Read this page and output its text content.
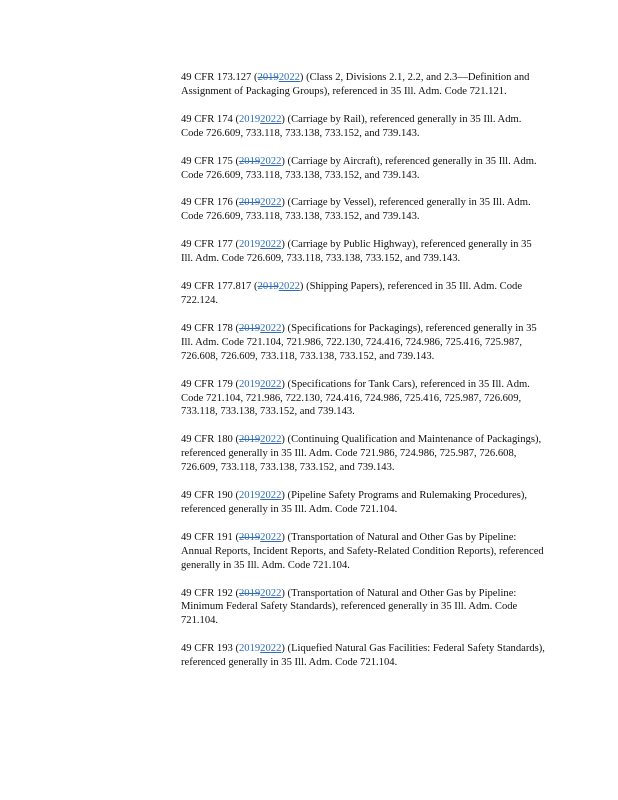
49 CFR 173.127 (20192022) (Class 2, Divisions 2.1, 2.2, and 2.3—Definition and Assignment of Packaging Groups), referenced in 35 Ill. Adm. Code 721.121.

49 CFR 174 (20192022) (Carriage by Rail), referenced generally in 35 Ill. Adm. Code 726.609, 733.118, 733.138, 733.152, and 739.143.

49 CFR 175 (20192022) (Carriage by Aircraft), referenced generally in 35 Ill. Adm. Code 726.609, 733.118, 733.138, 733.152, and 739.143.

49 CFR 176 (20192022) (Carriage by Vessel), referenced generally in 35 Ill. Adm. Code 726.609, 733.118, 733.138, 733.152, and 739.143.

49 CFR 177 (20192022) (Carriage by Public Highway), referenced generally in 35 Ill. Adm. Code 726.609, 733.118, 733.138, 733.152, and 739.143.

49 CFR 177.817 (20192022) (Shipping Papers), referenced in 35 Ill. Adm. Code 722.124.

49 CFR 178 (20192022) (Specifications for Packagings), referenced generally in 35 Ill. Adm. Code 721.104, 721.986, 722.130, 724.416, 724.986, 725.416, 725.987, 726.608, 726.609, 733.118, 733.138, 733.152, and 739.143.

49 CFR 179 (20192022) (Specifications for Tank Cars), referenced in 35 Ill. Adm. Code 721.104, 721.986, 722.130, 724.416, 724.986, 725.416, 725.987, 726.609, 733.118, 733.138, 733.152, and 739.143.

49 CFR 180 (20192022) (Continuing Qualification and Maintenance of Packagings), referenced generally in 35 Ill. Adm. Code 721.986, 724.986, 725.987, 726.608, 726.609, 733.118, 733.138, 733.152, and 739.143.

49 CFR 190 (20192022) (Pipeline Safety Programs and Rulemaking Procedures), referenced generally in 35 Ill. Adm. Code 721.104.

49 CFR 191 (20192022) (Transportation of Natural and Other Gas by Pipeline: Annual Reports, Incident Reports, and Safety-Related Condition Reports), referenced generally in 35 Ill. Adm. Code 721.104.

49 CFR 192 (20192022) (Transportation of Natural and Other Gas by Pipeline: Minimum Federal Safety Standards), referenced generally in 35 Ill. Adm. Code 721.104.

49 CFR 193 (20192022) (Liquefied Natural Gas Facilities: Federal Safety Standards), referenced generally in 35 Ill. Adm. Code 721.104.
